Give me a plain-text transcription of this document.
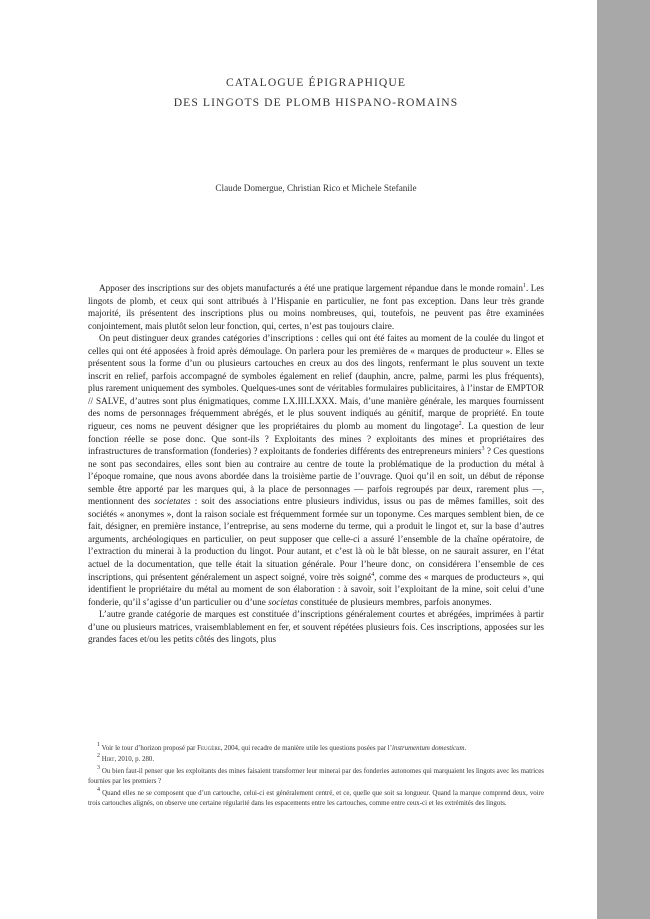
CATALOGUE ÉPIGRAPHIQUE
DES LINGOTS DE PLOMB HISPANO-ROMAINS
Claude Domergue, Christian Rico et Michele Stefanile

Apposer des inscriptions sur des objets manufacturés a été une pratique largement répandue dans le monde romain$^1$. Les lingots de plomb, et ceux qui sont attribués à l’Hispanie en particulier, ne font pas exception. Dans leur très grande majorité, ils présentent des inscriptions plus ou moins nombreuses, qui, toutefois, ne peuvent pas être examinées conjointement, mais plutôt selon leur fonction, qui, certes, n’est pas toujours claire.

On peut distinguer deux grandes catégories d’inscriptions : celles qui ont été faites au moment de la coulée du lingot et celles qui ont été apposées à froid après démoulage. On parlera pour les premières de « marques de producteur ». Elles se présentent sous la forme d’un ou plusieurs cartouches en creux au dos des lingots, renfermant le plus souvent un texte inscrit en relief, parfois accompagné de symboles également en relief (dauphin, ancre, palme, parmi les plus fréquents), plus rarement uniquement des symboles. Quelques-unes sont de véritables formulaires publicitaires, à l’instar de EMPTOR // SALVE, d’autres sont plus énigmatiques, comme LX.III.LXXX. Mais, d’une manière générale, les marques fournissent des noms de personnages fréquemment abrégés, et le plus souvent indiqués au génitif, marque de propriété. En toute rigueur, ces noms ne peuvent désigner que les propriétaires du plomb au moment du lingotage$^2$. La question de leur fonction réelle se pose donc. Que sont-ils ? Exploitants des mines ? exploitants des mines et propriétaires des infrastructures de transformation (fonderies) ? exploitants de fonderies différents des entrepreneurs miniers$^3$ ? Ces questions ne sont pas secondaires, elles sont bien au contraire au centre de toute la problématique de la production du métal à l’époque romaine, que nous avons abordée dans la troisième partie de l’ouvrage. Quoi qu’il en soit, un début de réponse semble être apporté par les marques qui, à la place de personnages — parfois regroupés par deux, rarement plus —, mentionnent des societates : soit des associations entre plusieurs individus, issus ou pas de mêmes familles, soit des sociétés « anonymes », dont la raison sociale est fréquemment formée sur un toponyme. Ces marques semblent bien, de ce fait, désigner, en première instance, l’entreprise, au sens moderne du terme, qui a produit le lingot et, sur la base d’autres arguments, archéologiques en particulier, on peut supposer que celle-ci a assuré l’ensemble de la chaîne opératoire, de l’extraction du minerai à la production du lingot. Pour autant, et c’est là où le bât blesse, on ne saurait assurer, en l’état actuel de la documentation, que telle était la situation générale. Pour l’heure donc, on considérera l’ensemble de ces inscriptions, qui présentent généralement un aspect soigné, voire très soigné$^4$, comme des « marques de producteurs », qui identifient le propriétaire du métal au moment de son élaboration : à savoir, soit l’exploitant de la mine, soit celui d’une fonderie, qu’il s’agisse d’un particulier ou d’une societas constituée de plusieurs membres, parfois anonymes.

L’autre grande catégorie de marques est constituée d’inscriptions généralement courtes et abrégées, imprimées à partir d’une ou plusieurs matrices, vraisemblablement en fer, et souvent répétées plusieurs fois. Ces inscriptions, apposées sur les grandes faces et/ou les petits côtés des lingots, plus

$^1$ Voir le tour d’horizon proposé par Feugère, 2004, qui recadre de manière utile les questions posées par l’instrumentum domesticum.

$^2$ Hirt, 2010, p. 280.

$^3$ Ou bien faut-il penser que les exploitants des mines faisaient transformer leur minerai par des fonderies autonomes qui marquaient les lingots avec les matrices fournies par les premiers ?

$^4$ Quand elles ne se composent que d’un cartouche, celui-ci est généralement centré, et ce, quelle que soit sa longueur. Quand la marque comprend deux, voire trois cartouches alignés, on observe une certaine régularité dans les espacements entre les cartouches, comme entre ceux-ci et les extrémités des lingots.
